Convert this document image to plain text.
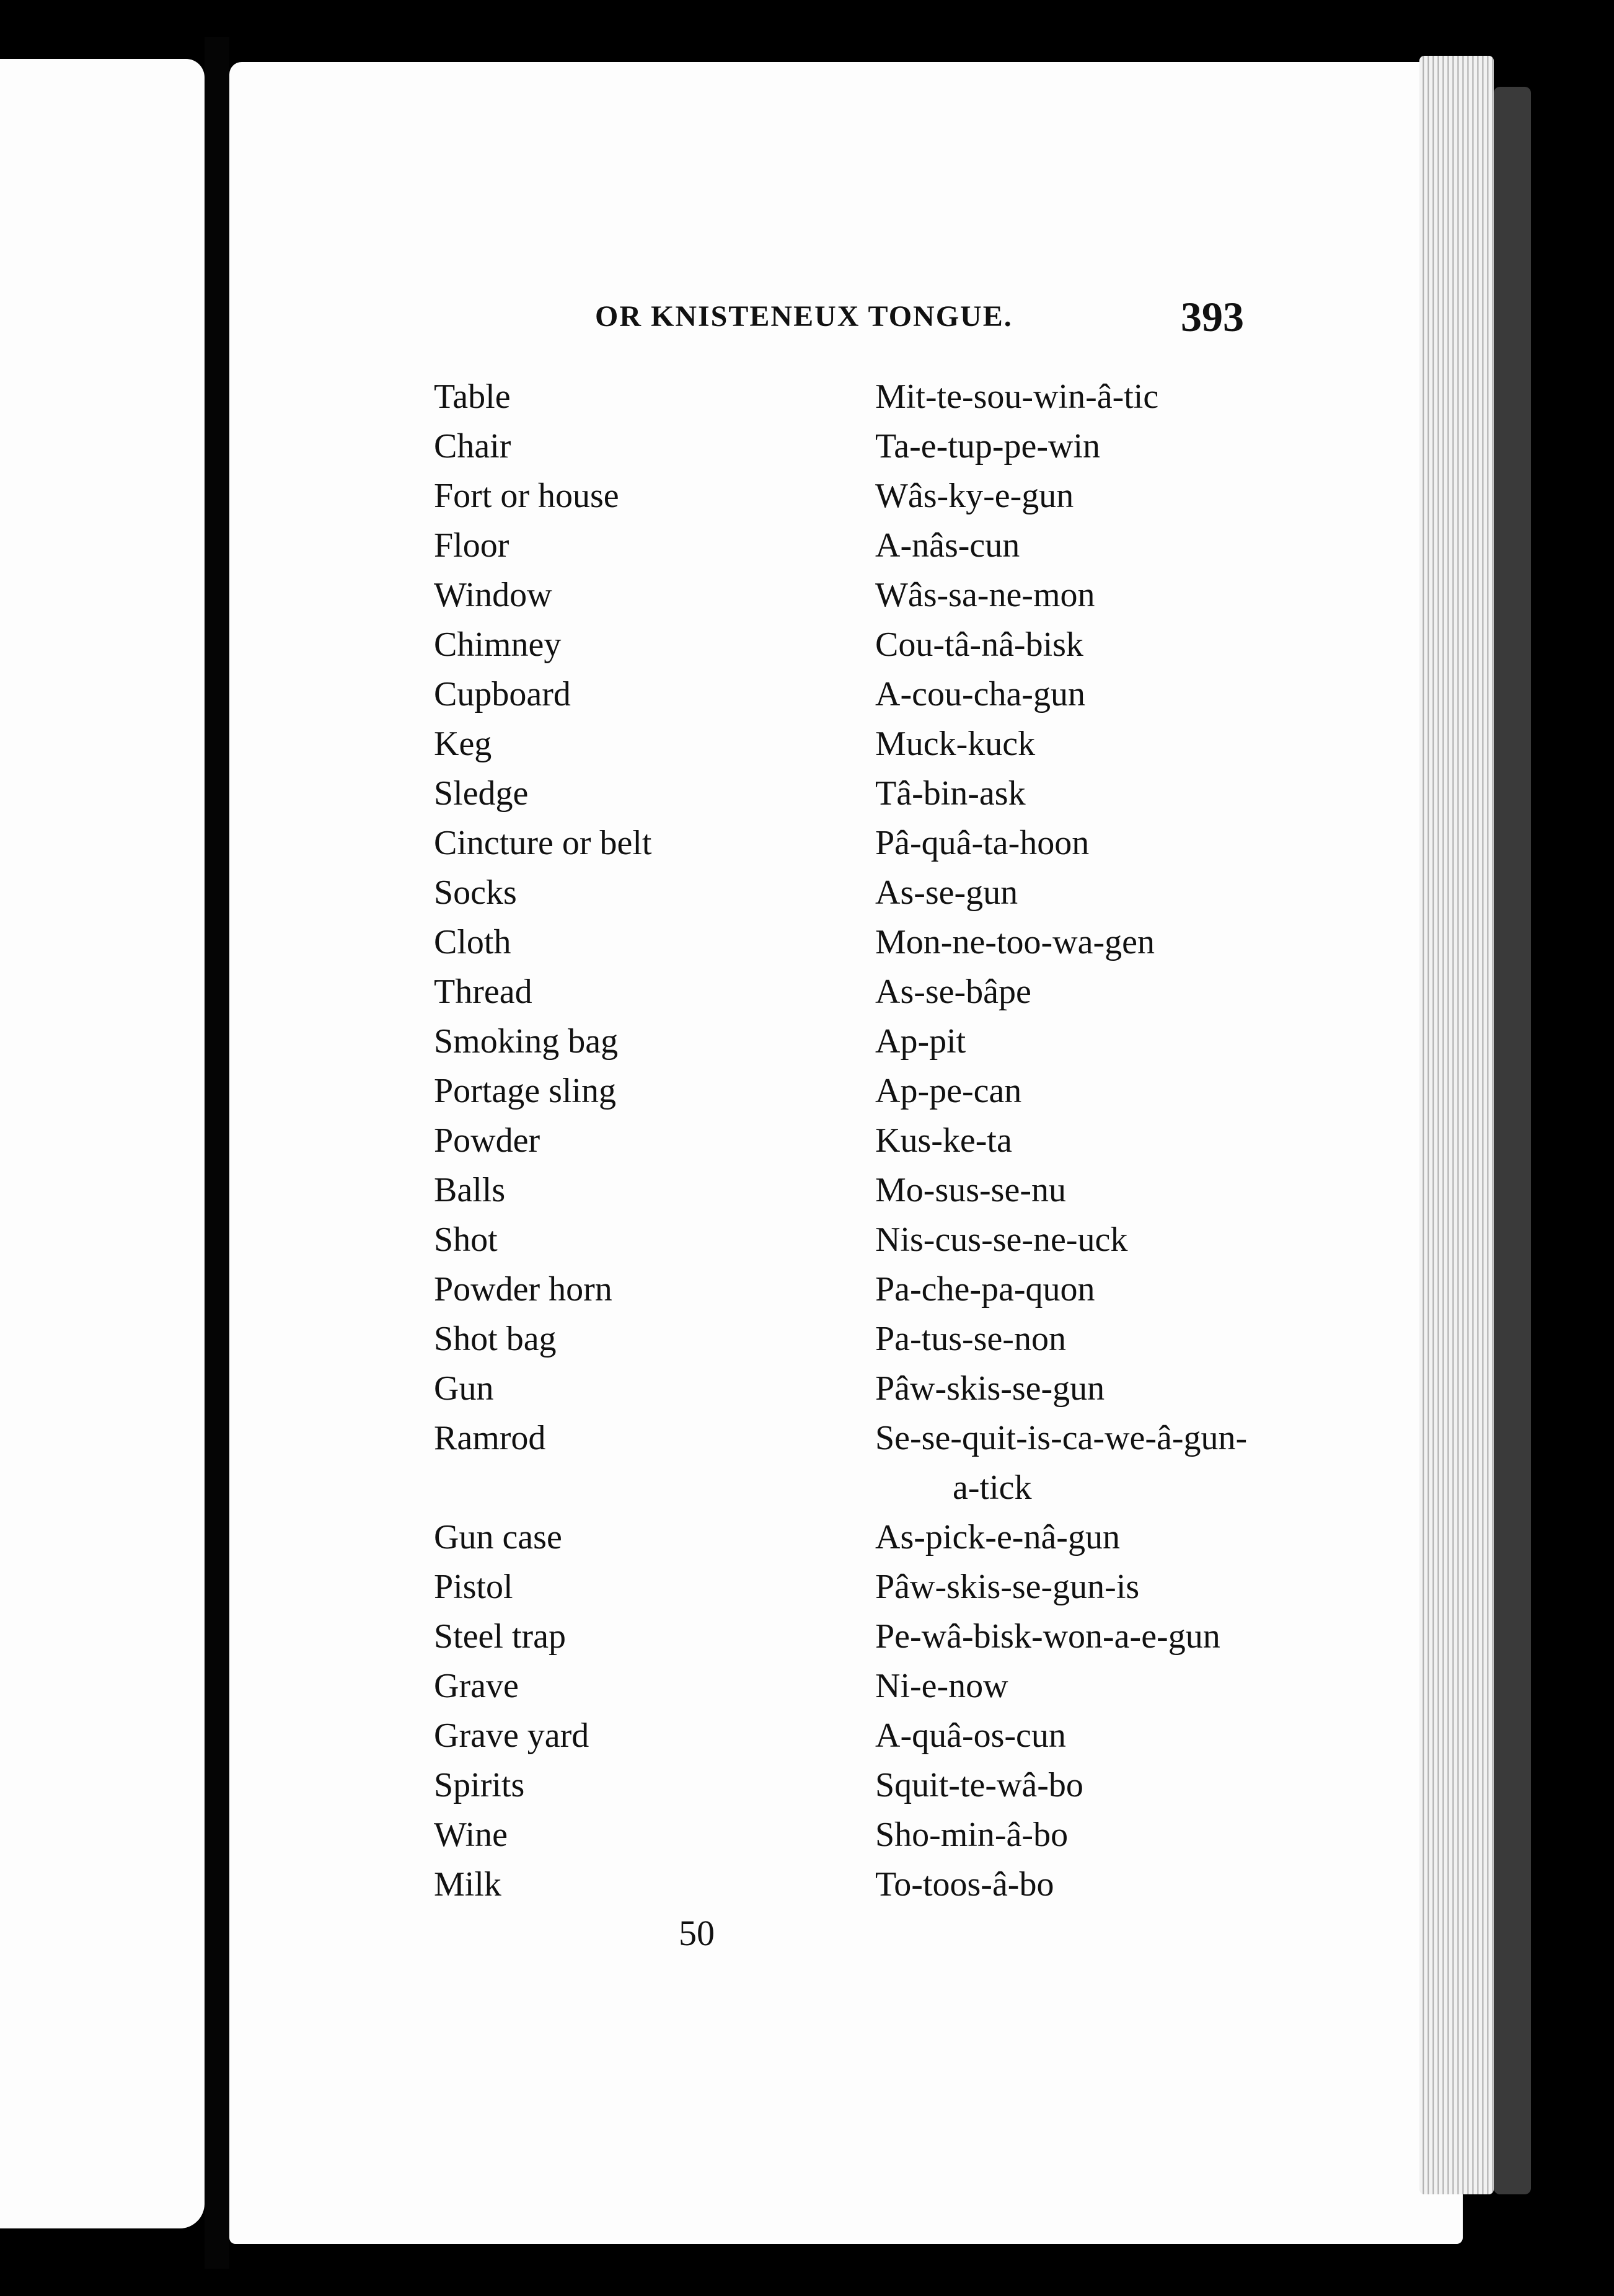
OR KNISTENEUX TONGUE.	393
Table	Mit-te-sou-win-â-tic
Chair	Ta-e-tup-pe-win
Fort or house	Wâs-ky-e-gun
Floor	A-nâs-cun
Window	Wâs-sa-ne-mon
Chimney	Cou-tâ-nâ-bisk
Cupboard	A-cou-cha-gun
Keg	Muck-kuck
Sledge	Tâ-bin-ask
Cincture or belt	Pâ-quâ-ta-hoon
Socks	As-se-gun
Cloth	Mon-ne-too-wa-gen
Thread	As-se-bâpe
Smoking bag	Ap-pit
Portage sling	Ap-pe-can
Powder	Kus-ke-ta
Balls	Mo-sus-se-nu
Shot	Nis-cus-se-ne-uck
Powder horn	Pa-che-pa-quon
Shot bag	Pa-tus-se-non
Gun	Pâw-skis-se-gun
Ramrod	Se-se-quit-is-ca-we-â-gun-
a-tick
Gun case	As-pick-e-nâ-gun
Pistol	Pâw-skis-se-gun-is
Steel trap	Pe-wâ-bisk-won-a-e-gun
Grave	Ni-e-now
Grave yard	A-quâ-os-cun
Spirits	Squit-te-wâ-bo
Wine	Sho-min-â-bo
Milk	To-toos-â-bo
50
